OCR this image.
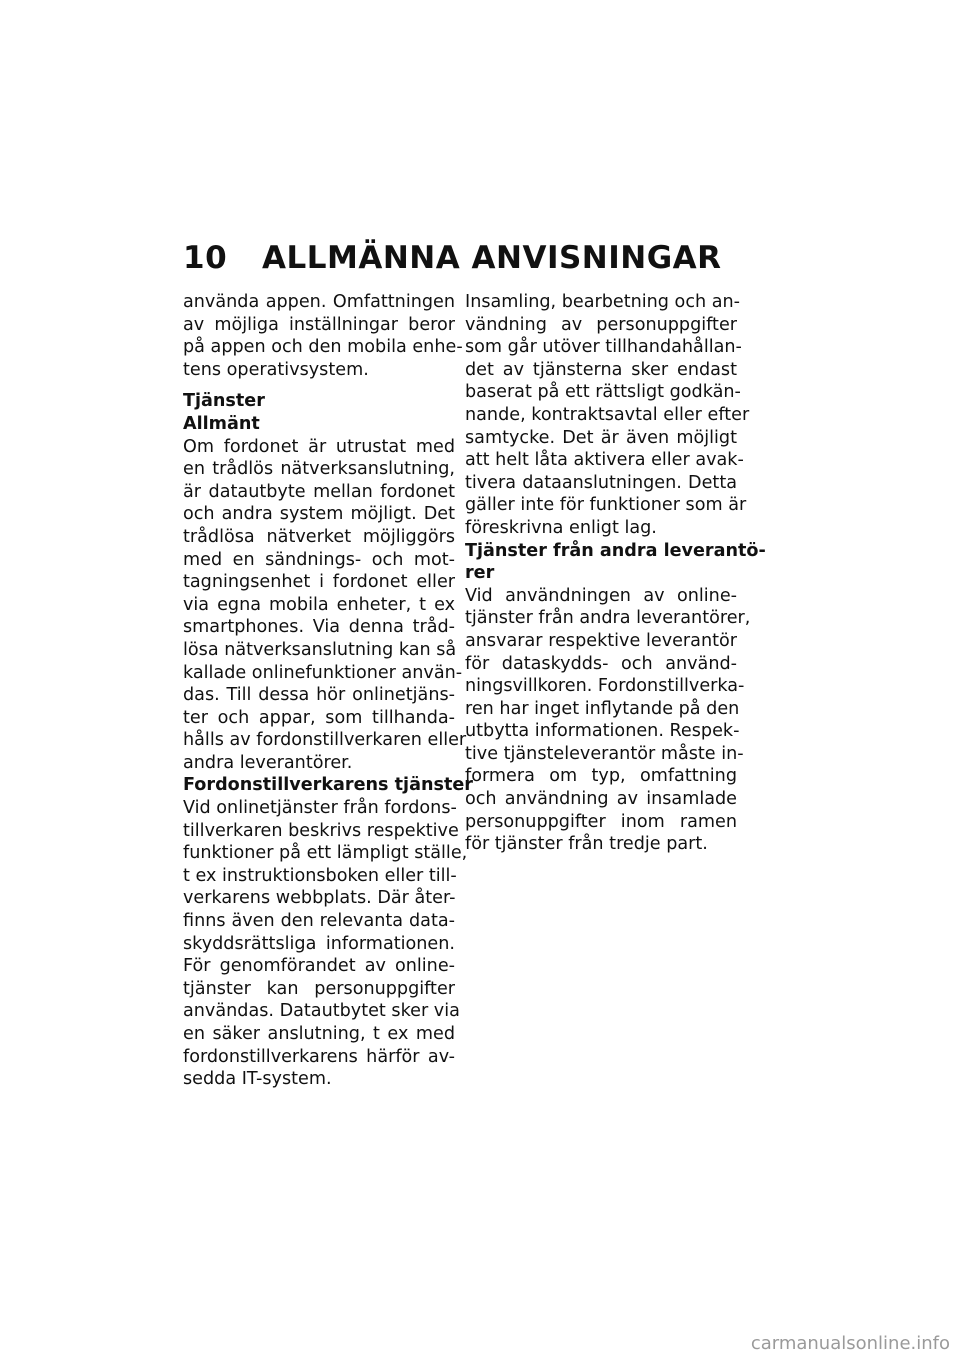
10 ALLMÄNNA ANVISNINGAR
använda appen. Omfattningen
av möjliga inställningar beror
på appen och den mobila enhe-
tens operativsystem.
Tjänster
Allmänt
Om fordonet är utrustat med
en trådlös nätverksanslutning,
är datautbyte mellan fordonet
och andra system möjligt. Det
trådlösa nätverket möjliggörs
med en sändnings- och mot-
tagningsenhet i fordonet eller
via egna mobila enheter, t ex
smartphones. Via denna tråd-
lösa nätverksanslutning kan så
kallade onlinefunktioner använ-
das. Till dessa hör onlinetjäns-
ter och appar, som tillhanda-
hålls av fordonstillverkaren eller
andra leverantörer.
Fordonstillverkarens tjänster
Vid onlinetjänster från fordons-
tillverkaren beskrivs respektive
funktioner på ett lämpligt ställe,
t ex instruktionsboken eller till-
verkarens webbplats. Där åter-
finns även den relevanta data-
skyddsrättsliga informationen.
För genomförandet av online-
tjänster kan personuppgifter
användas. Datautbytet sker via
en säker anslutning, t ex med
fordonstillverkarens härför av-
sedda IT-system.
Insamling, bearbetning och an-
vändning av personuppgifter
som går utöver tillhandahållan-
det av tjänsterna sker endast
baserat på ett rättsligt godkän-
nande, kontraktsavtal eller efter
samtycke. Det är även möjligt
att helt låta aktivera eller avak-
tivera dataanslutningen. Detta
gäller inte för funktioner som är
föreskrivna enligt lag.
Tjänster från andra leverantö-
rer
Vid användningen av online-
tjänster från andra leverantörer,
ansvarar respektive leverantör
för dataskydds- och använd-
ningsvillkoren. Fordonstillverka-
ren har inget inflytande på den
utbytta informationen. Respek-
tive tjänsteleverantör måste in-
formera om typ, omfattning
och användning av insamlade
personuppgifter inom ramen
för tjänster från tredje part.
carmanualsonline.info
